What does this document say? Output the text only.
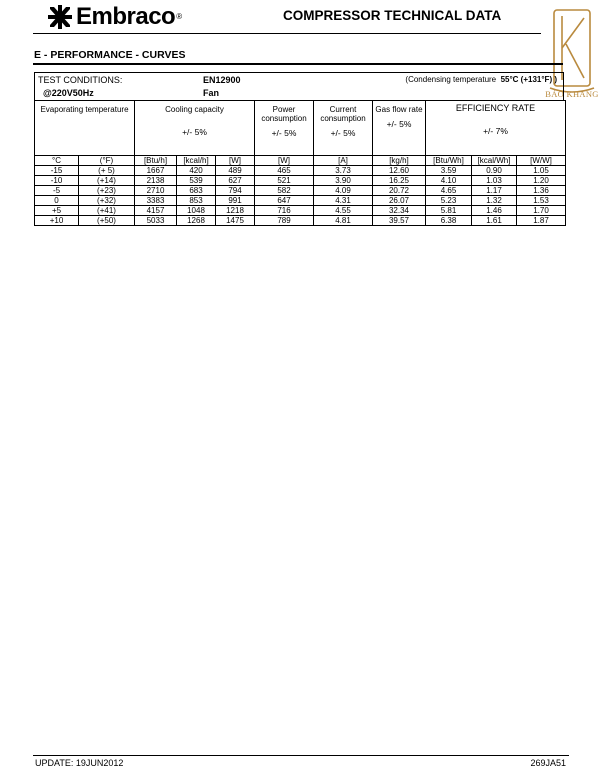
Embraco ®	COMPRESSOR TECHNICAL DATA
BẢO KHANG
E - PERFORMANCE - CURVES
TEST CONDITIONS:	EN12900
@220V50Hz	Fan
(Condensing temperature 55°C (+131°F) )
Evaporating temperature		Cooling capacity
+/- 5%			Power consumption
+/- 5%	Current consumption
+/- 5%	Gas flow rate
+/- 5%	EFFICIENCY RATE
+/- 7%		

°C	(°F)	[Btu/h]	[kcal/h]	[W]	[W]	[A]	[kg/h]	[Btu/Wh]	[kcal/Wh]	[W/W]
-15	(+ 5)	1667	420	489	465	3.73	12.60	3.59	0.90	1.05
-10	(+14)	2138	539	627	521	3.90	16.25	4.10	1.03	1.20
-5	(+23)	2710	683	794	582	4.09	20.72	4.65	1.17	1.36
0	(+32)	3383	853	991	647	4.31	26.07	5.23	1.32	1.53
+5	(+41)	4157	1048	1218	716	4.55	32.34	5.81	1.46	1.70
+10	(+50)	5033	1268	1475	789	4.81	39.57	6.38	1.61	1.87
UPDATE: 19JUN2012	269JA51
